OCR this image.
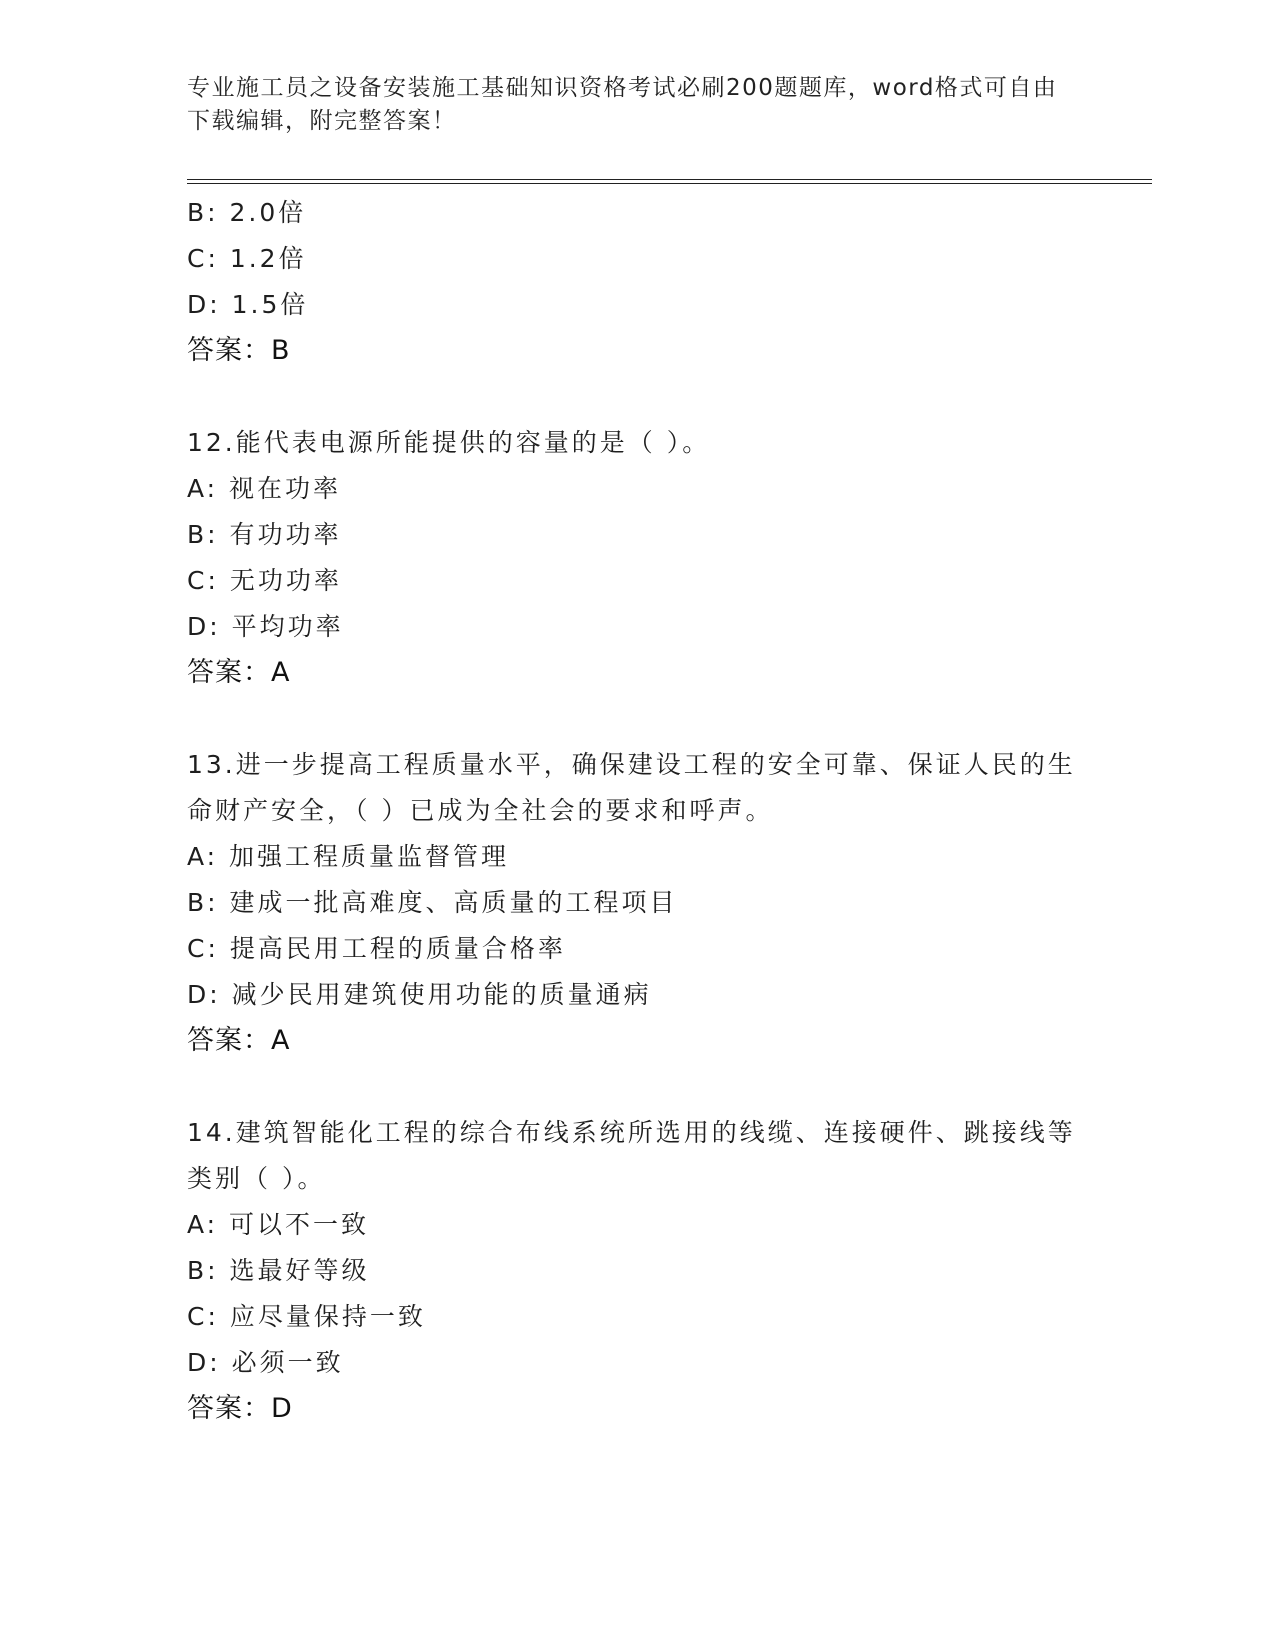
专业施工员之设备安装施工基础知识资格考试必刷200题题库，word格式可自由下载编辑，附完整答案！
B: 2.0倍
C: 1.2倍
D: 1.5倍
答案：B
12.能代表电源所能提供的容量的是（ ）。
A: 视在功率
B: 有功功率
C: 无功功率
D: 平均功率
答案：A
13.进一步提高工程质量水平，确保建设工程的安全可靠、保证人民的生命财产安全，（ ）已成为全社会的要求和呼声。
A: 加强工程质量监督管理
B: 建成一批高难度、高质量的工程项目
C: 提高民用工程的质量合格率
D: 减少民用建筑使用功能的质量通病
答案：A
14.建筑智能化工程的综合布线系统所选用的线缆、连接硬件、跳接线等类别（ ）。
A: 可以不一致
B: 选最好等级
C: 应尽量保持一致
D: 必须一致
答案：D
